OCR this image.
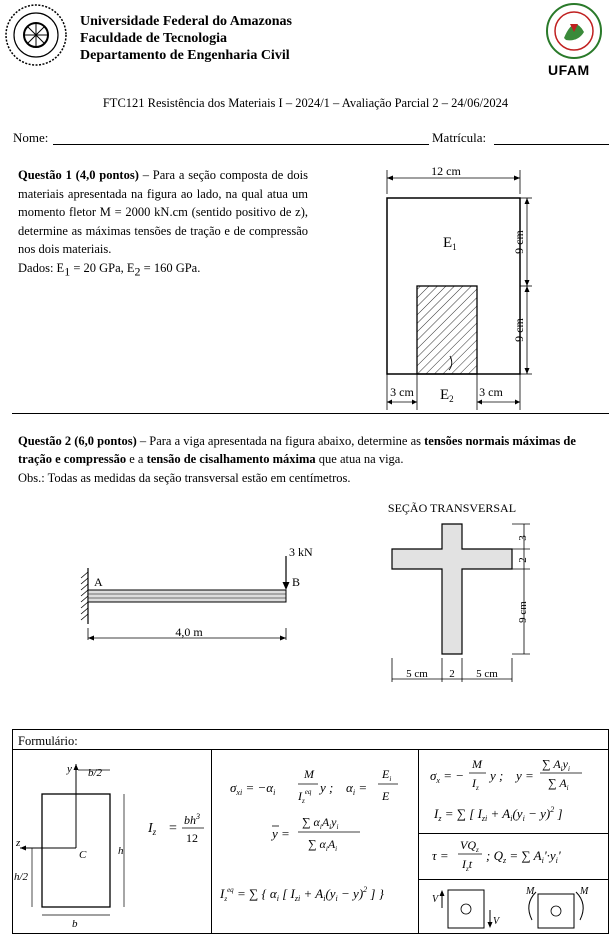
Universidade Federal do Amazonas
Faculdade de Tecnologia
Departamento de Engenharia Civil
UFAM
FTC121 Resistência dos Materiais I – 2024/1 – Avaliação Parcial 2 – 24/06/2024
Nome:	Matrícula:

Questão 1 (4,0 pontos) – Para a seção composta de dois materiais apresentada na figura ao lado, na qual atua um momento fletor M = 2000 kN.cm (sentido positivo de z), determine as máximas tensões de tração e de compressão nos dois materiais.

Dados: $E_1 = 20$ GPa, $E_2 = 160$ GPa.

12 cm
$E_1$	9 cm
9 cm
3 cm	3 cm
$E_2$

Questão 2 (6,0 pontos) – Para a viga apresentada na figura abaixo, determine as tensões normais máximas de tração e compressão e a tensão de cisalhamento máxima que atua na viga.

Obs.: Todas as medidas da seção transversal estão em centímetros.

3 kN
A	B
4,0 m
SEÇÃO TRANSVERSAL
3
2
9 cm
5 cm 2 5 cm
Formulário:
y b/2
z
C	h
h/2
b
$I_z$ =
$bh^3$
12
$\sigma_{xi} = -\alpha_i$
M
$I_z^{eq}$ y ; $\alpha_i$ =
$E_i$
E
y =
∑ $\alpha_iA_iy_i$
∑ $\alpha_iA_i$
$I_z^{eq}$ = ∑ { $\alpha_i$ [ $I_{zi} + A_i(y_i - y)^2$ ] }
$\sigma_x$ = −
M
$I_z$
y ; y =
∑ $A_iy_i$
∑ $A_i$
$I_z$ = ∑ [ $I_{zi} + A_i(y_i - y)^2$ ]
τ =
$VQ_z$
$I_zt$
; $Q_z$ = ∑ $A_i'\cdot y_i'$
V
V
M	M
